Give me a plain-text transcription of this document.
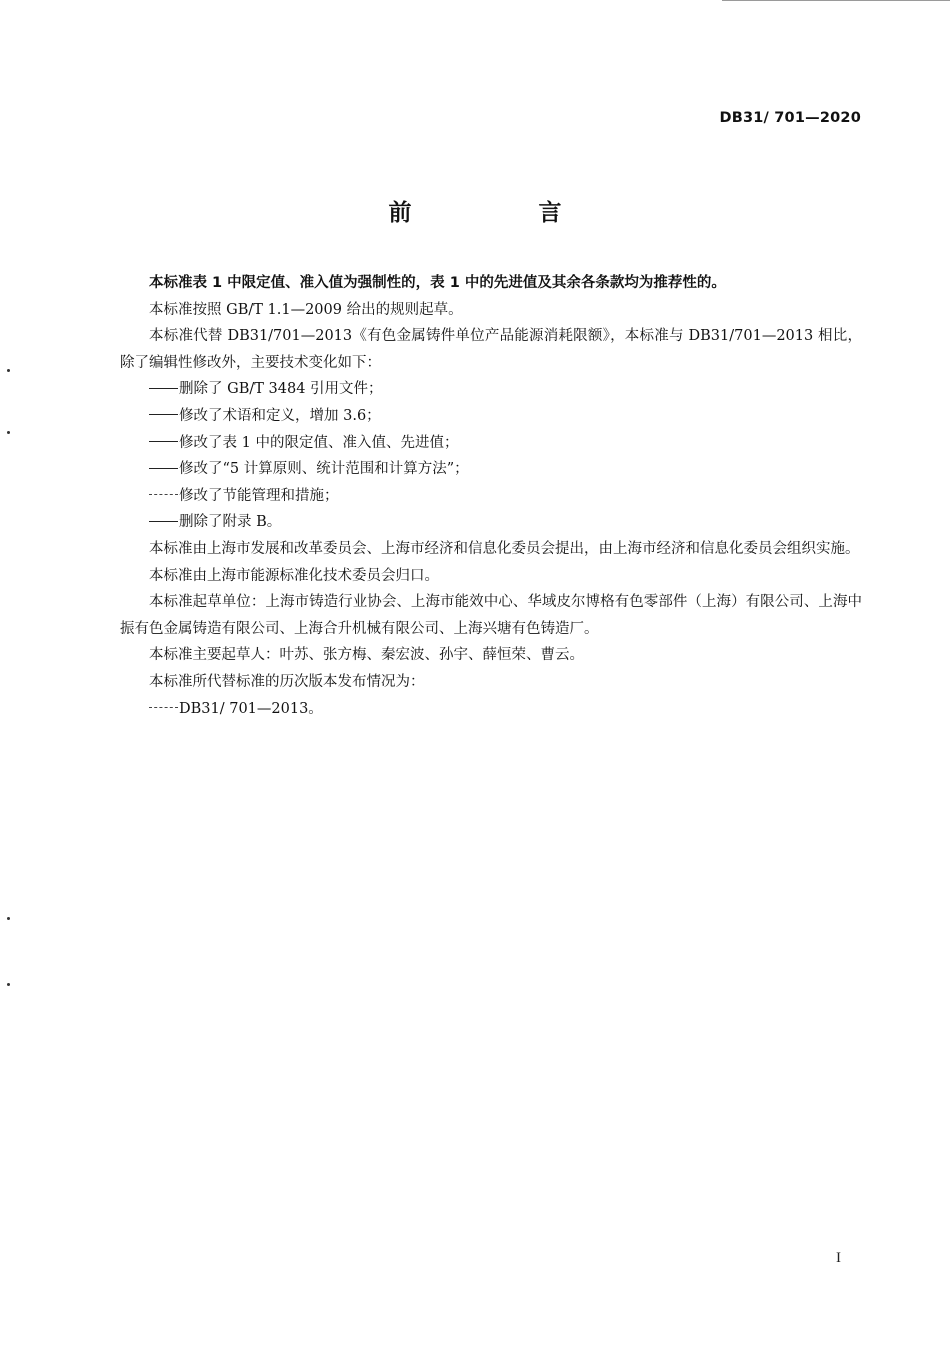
DB31/ 701—2020
前　言

本标准表 1 中限定值、准入值为强制性的，表 1 中的先进值及其余各条款均为推荐性的。

本标准按照 GB/T 1.1—2009 给出的规则起草。

本标准代替 DB31/701—2013《有色金属铸件单位产品能源消耗限额》，本标准与 DB31/701—2013 相比，除了编辑性修改外，主要技术变化如下：

删除了 GB/T 3484 引用文件；

修改了术语和定义，增加 3.6；

修改了表 1 中的限定值、准入值、先进值；

修改了“5 计算原则、统计范围和计算方法”；

修改了节能管理和措施；

删除了附录 B。

本标准由上海市发展和改革委员会、上海市经济和信息化委员会提出，由上海市经济和信息化委员会组织实施。

本标准由上海市能源标准化技术委员会归口。

本标准起草单位：上海市铸造行业协会、上海市能效中心、华域皮尔博格有色零部件（上海）有限公司、上海中振有色金属铸造有限公司、上海合升机械有限公司、上海兴塘有色铸造厂。

本标准主要起草人：叶苏、张方梅、秦宏波、孙宇、薛恒荣、曹云。

本标准所代替标准的历次版本发布情况为：

DB31/ 701—2013。

I
